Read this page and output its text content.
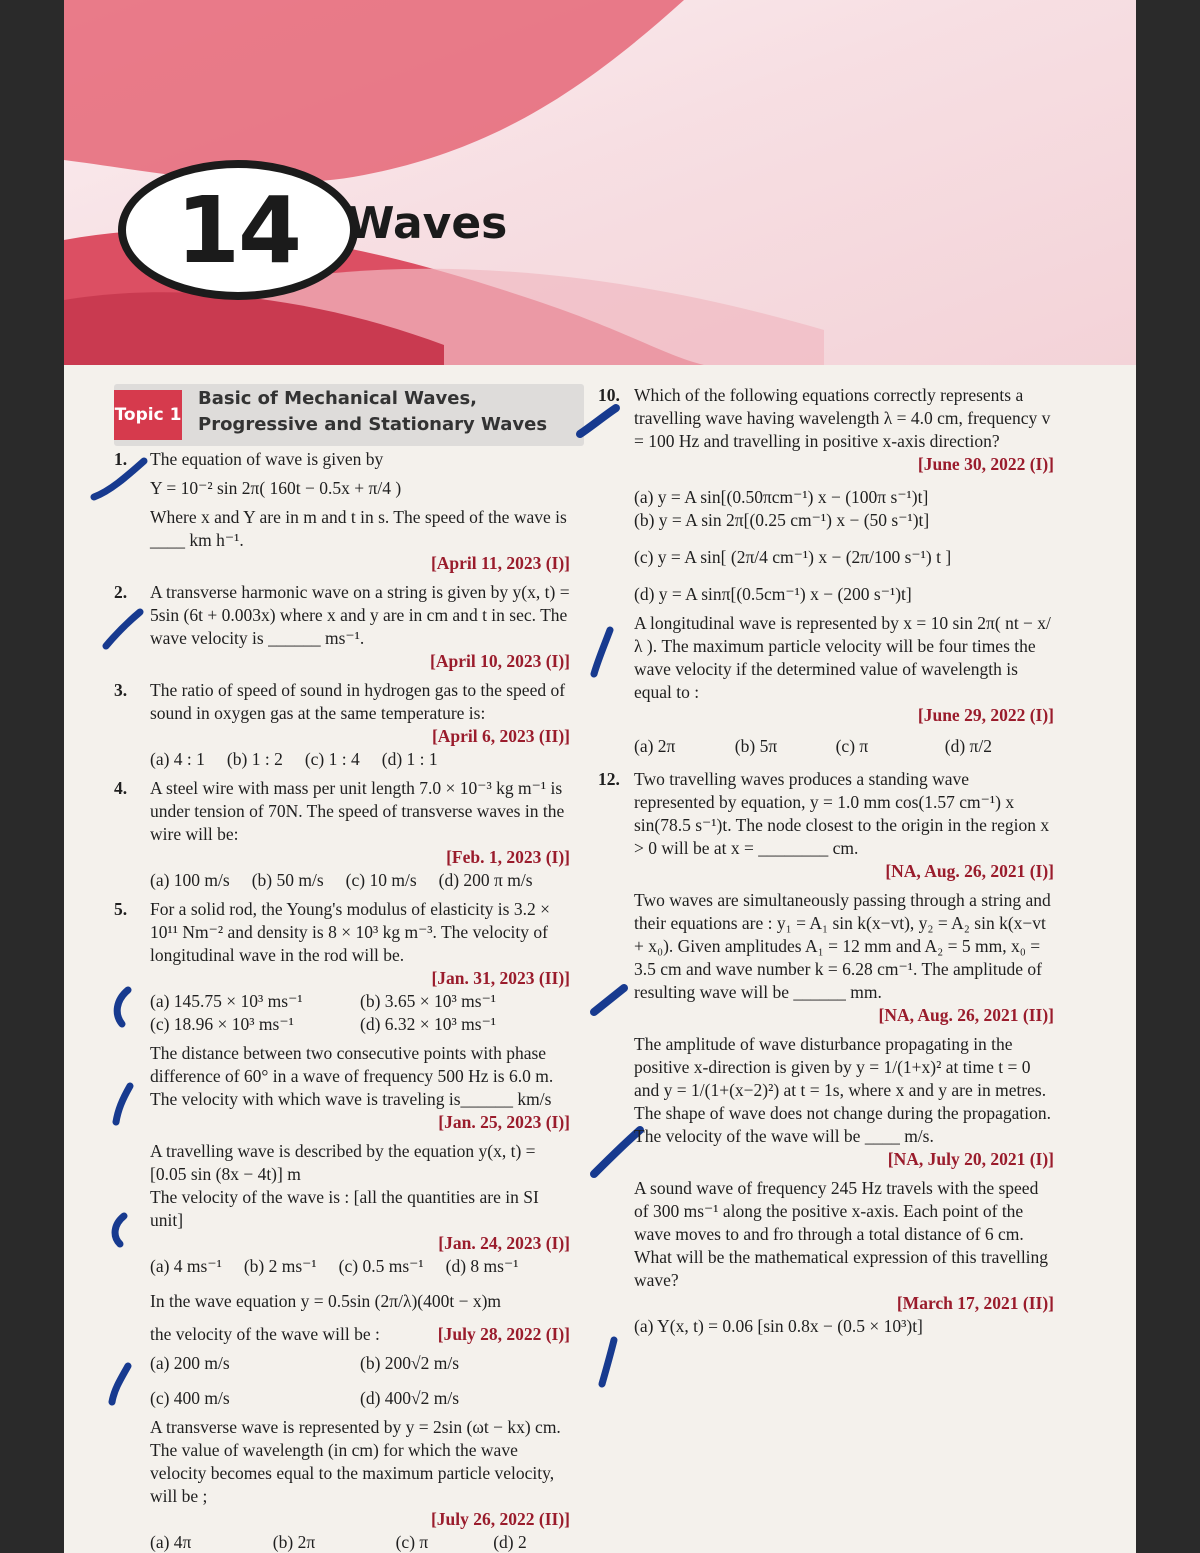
14 Waves
Topic 1
Basic of Mechanical Waves, Progressive and Stationary Waves
1.	The equation of wave is given by
Y = 10⁻² sin 2π( 160t − 0.5x + π/4 )
Where x and Y are in m and t in s. The speed of the wave is ____ km h⁻¹.
[April 11, 2023 (I)]
2.	A transverse harmonic wave on a string is given by y(x, t) = 5sin (6t + 0.003x) where x and y are in cm and t in sec. The wave velocity is ______ ms⁻¹.
[April 10, 2023 (I)]
3.	The ratio of speed of sound in hydrogen gas to the speed of sound in oxygen gas at the same temperature is:
[April 6, 2023 (II)]
(a) 4 : 1 (b) 1 : 2 (c) 1 : 4 (d) 1 : 1
4.	A steel wire with mass per unit length 7.0 × 10⁻³ kg m⁻¹ is under tension of 70N. The speed of transverse waves in the wire will be:
[Feb. 1, 2023 (I)]
(a) 100 m/s (b) 50 m/s (c) 10 m/s (d) 200 π m/s
5.	For a solid rod, the Young's modulus of elasticity is 3.2 × 10¹¹ Nm⁻² and density is 8 × 10³ kg m⁻³. The velocity of longitudinal wave in the rod will be.
[Jan. 31, 2023 (II)]
(a) 145.75 × 10³ ms⁻¹	(b) 3.65 × 10³ ms⁻¹
(c) 18.96 × 10³ ms⁻¹	(d) 6.32 × 10³ ms⁻¹
The distance between two consecutive points with phase difference of 60° in a wave of frequency 500 Hz is 6.0 m. The velocity with which wave is traveling is______ km/s
[Jan. 25, 2023 (I)]
A travelling wave is described by the equation y(x, t) = [0.05 sin (8x − 4t)] m
The velocity of the wave is : [all the quantities are in SI unit]
[Jan. 24, 2023 (I)]
(a) 4 ms⁻¹ (b) 2 ms⁻¹ (c) 0.5 ms⁻¹ (d) 8 ms⁻¹
In the wave equation y = 0.5sin (2π/λ)(400t − x)m
the velocity of the wave will be :	[July 28, 2022 (I)]
(a) 200 m/s	(b) 200√2 m/s
(c) 400 m/s	(d) 400√2 m/s
A transverse wave is represented by y = 2sin (ωt − kx) cm. The value of wavelength (in cm) for which the wave velocity becomes equal to the maximum particle velocity, will be ;
[July 26, 2022 (II)]
(a) 4π	(b) 2π	(c) π	(d) 2
10. Which of the following equations correctly represents a travelling wave having wavelength λ = 4.0 cm, frequency v = 100 Hz and travelling in positive x-axis direction?
[June 30, 2022 (I)]
(a) y = A sin[(0.50πcm⁻¹) x − (100π s⁻¹)t]
(b) y = A sin 2π[(0.25 cm⁻¹) x − (50 s⁻¹)t]
(c) y = A sin[ (2π/4 cm⁻¹) x − (2π/100 s⁻¹) t ]
(d) y = A sinπ[(0.5cm⁻¹) x − (200 s⁻¹)t]
A longitudinal wave is represented by x = 10 sin 2π( nt − x/λ ). The maximum particle velocity will be four times the wave velocity if the determined value of wavelength is equal to :
[June 29, 2022 (I)]
(a) 2π	(b) 5π	(c) π	(d) π/2
12. Two travelling waves produces a standing wave represented by equation, y = 1.0 mm cos(1.57 cm⁻¹) x sin(78.5 s⁻¹)t. The node closest to the origin in the region x > 0 will be at x = ________ cm.
[NA, Aug. 26, 2021 (I)]
Two waves are simultaneously passing through a string and their equations are : y₁ = A₁ sin k(x−vt), y₂ = A₂ sin k(x−vt + x₀). Given amplitudes A₁ = 12 mm and A₂ = 5 mm, x₀ = 3.5 cm and wave number k = 6.28 cm⁻¹. The amplitude of resulting wave will be ______ mm.
[NA, Aug. 26, 2021 (II)]
The amplitude of wave disturbance propagating in the positive x-direction is given by y = 1/(1+x)² at time t = 0 and y = 1/(1+(x−2)²) at t = 1s, where x and y are in metres. The shape of wave does not change during the propagation. The velocity of the wave will be ____ m/s.
[NA, July 20, 2021 (I)]
A sound wave of frequency 245 Hz travels with the speed of 300 ms⁻¹ along the positive x-axis. Each point of the wave moves to and fro through a total distance of 6 cm. What will be the mathematical expression of this travelling wave?
[March 17, 2021 (II)]
(a) Y(x, t) = 0.06 [sin 0.8x − (0.5 × 10³)t]
